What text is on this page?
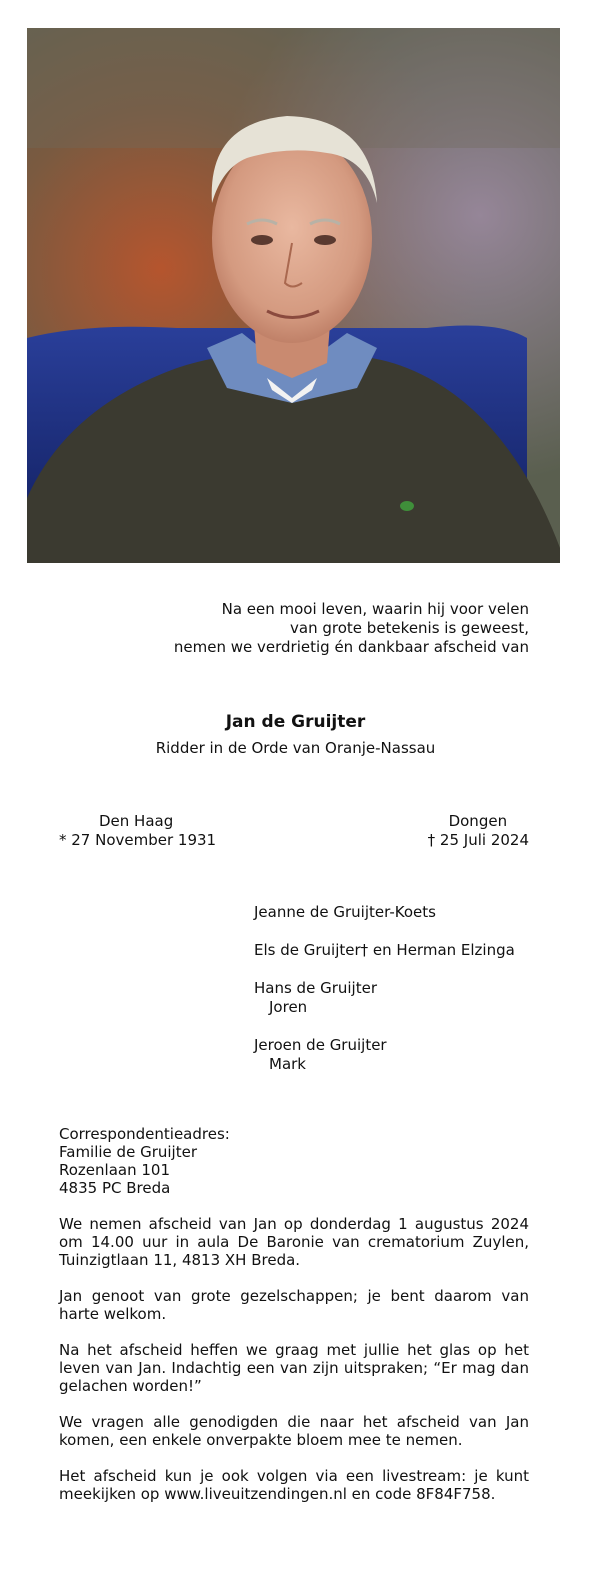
Na een mooi leven, waarin hij voor velen
van grote betekenis is geweest,
nemen we verdrietig én dankbaar afscheid van
Jan de Gruijter
Ridder in de Orde van Oranje-Nassau
Den Haag
* 27 November 1931
Dongen
† 25 Juli 2024
Jeanne de Gruijter-Koets
Els de Gruijter† en Herman Elzinga
Hans de Gruijter
Joren
Jeroen de Gruijter
Mark
Correspondentieadres:
Familie de Gruijter
Rozenlaan 101
4835 PC Breda

We nemen afscheid van Jan op donderdag 1 augustus 2024 om 14.00 uur in aula De Baronie van crematorium Zuylen, Tuinzigtlaan 11, 4813 XH Breda.

Jan genoot van grote gezelschappen; je bent daarom van harte welkom.

Na het afscheid heffen we graag met jullie het glas op het leven van Jan. Indachtig een van zijn uitspraken; “Er mag dan gelachen worden!”

We vragen alle genodigden die naar het afscheid van Jan komen, een enkele onverpakte bloem mee te nemen.

Het afscheid kun je ook volgen via een livestream: je kunt meekijken op www.liveuitzendingen.nl en code 8F84F758.
